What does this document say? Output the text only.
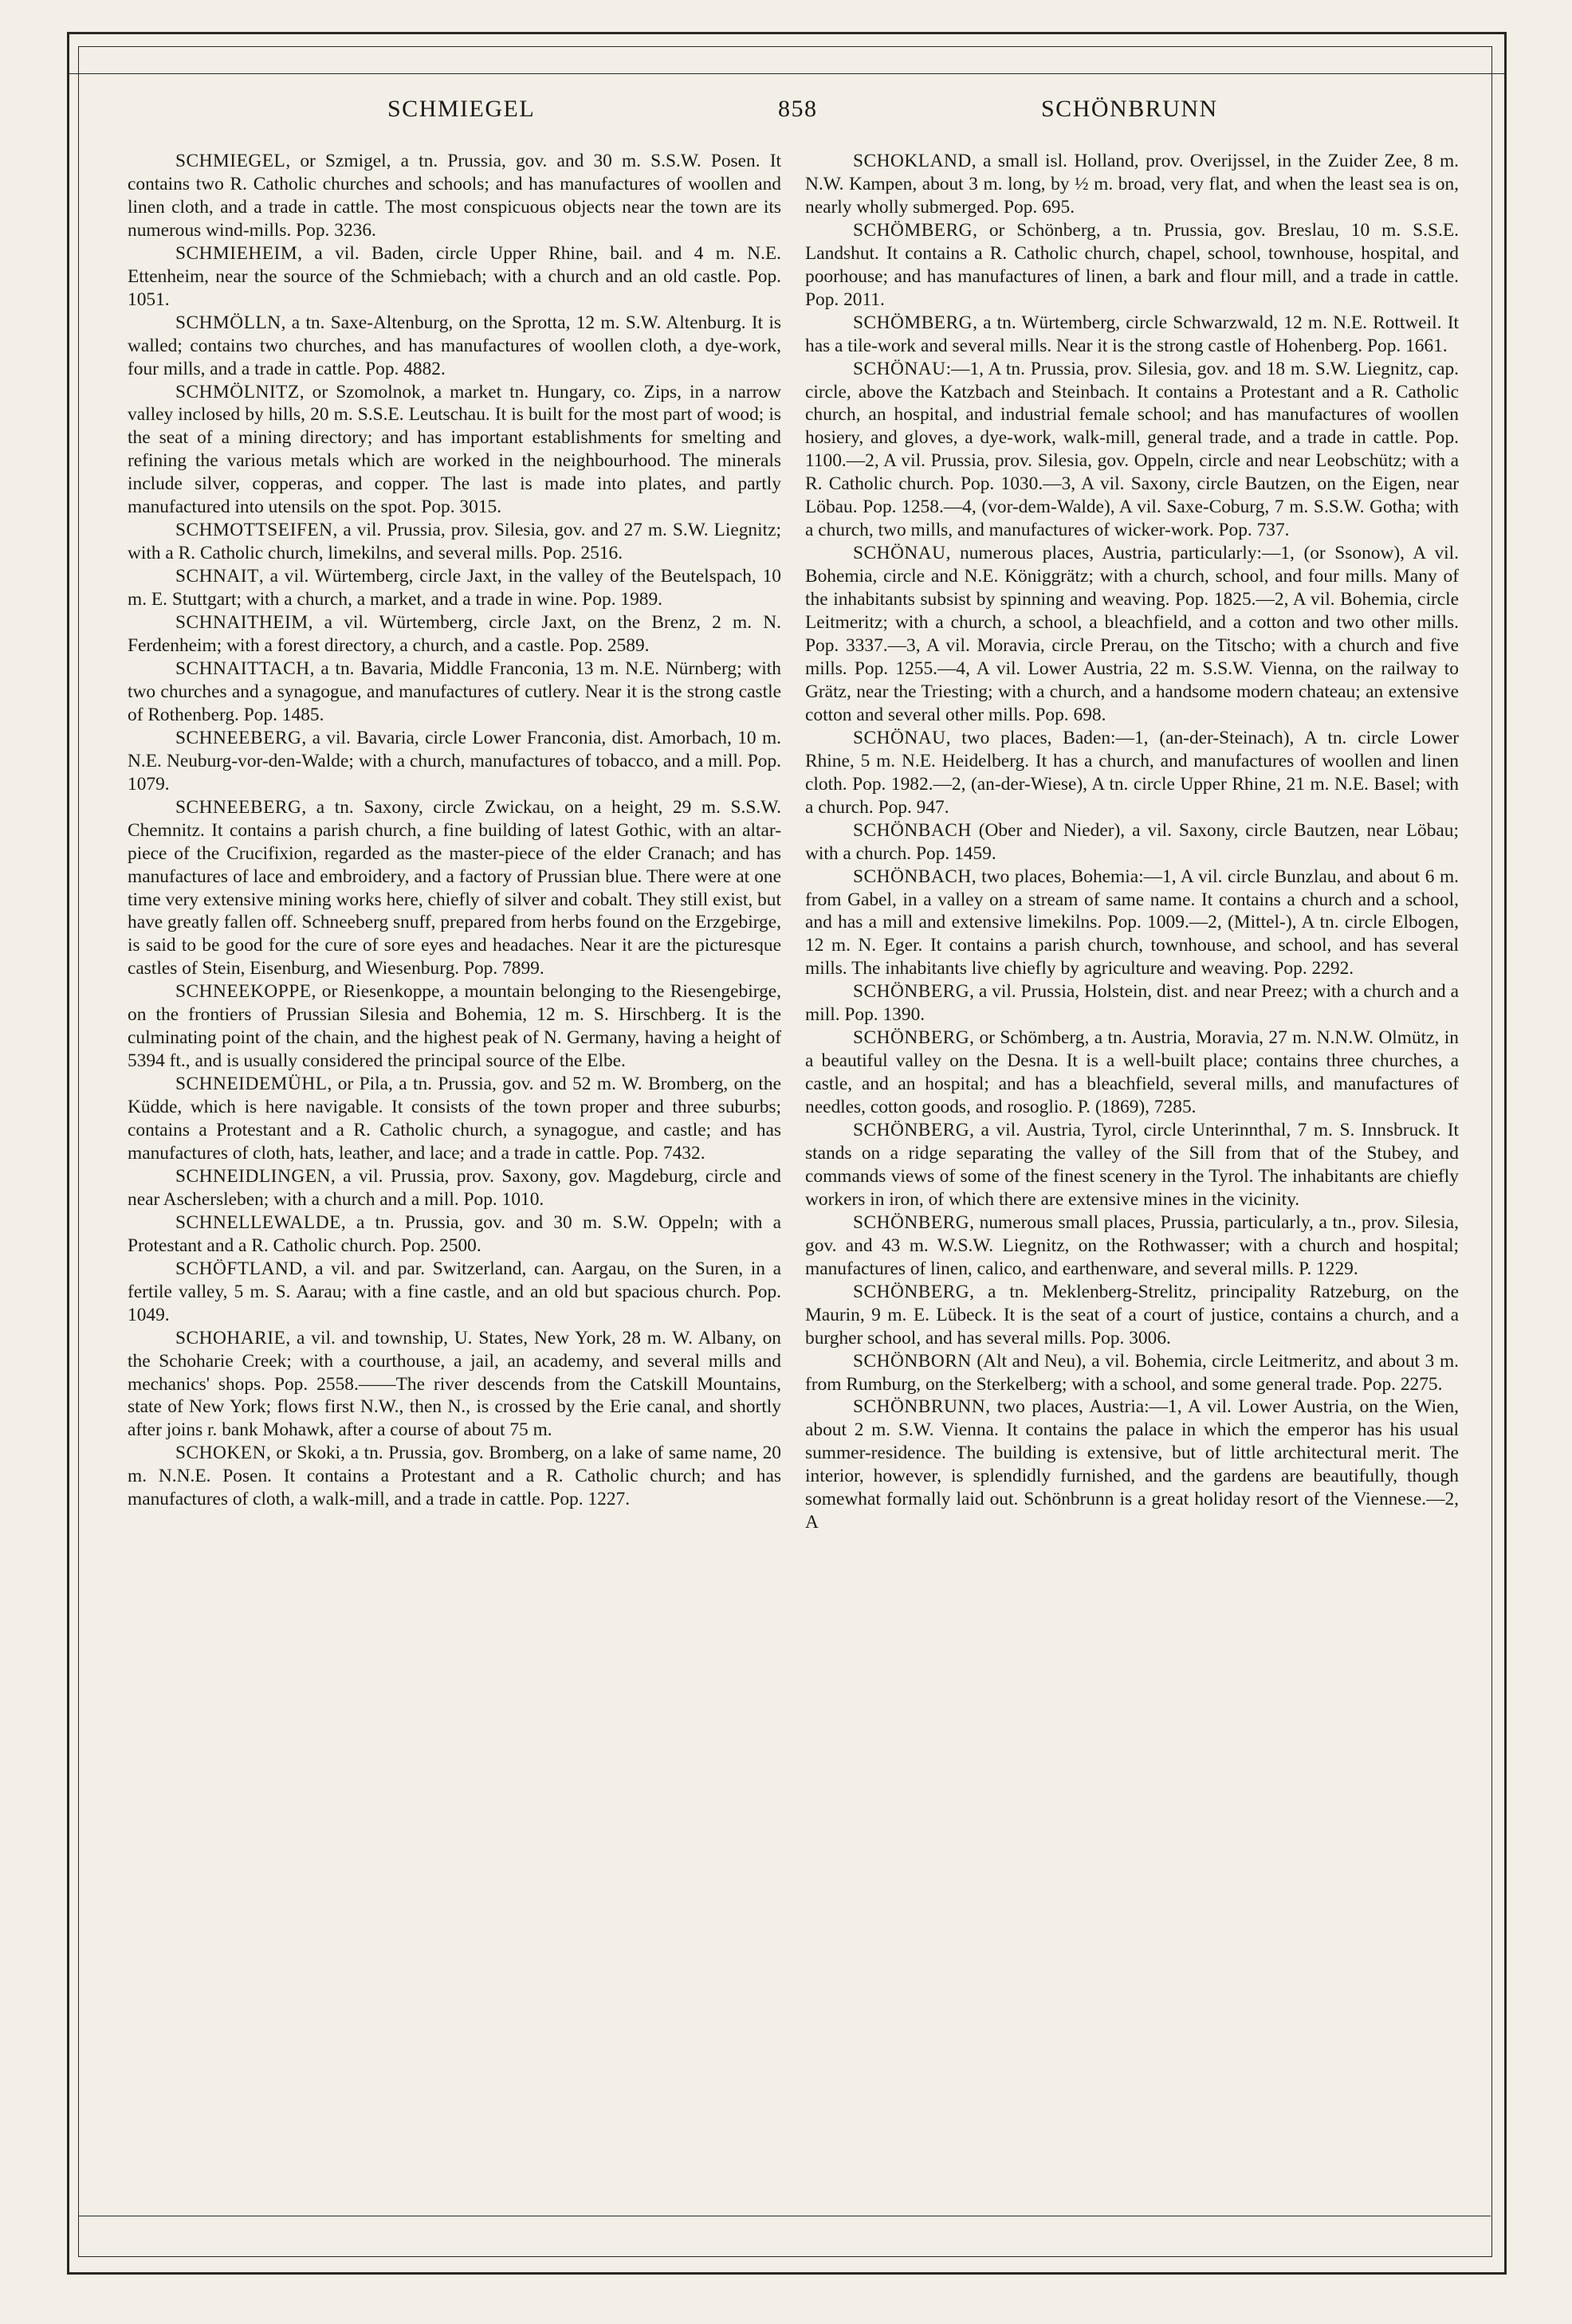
SCHMIEGEL	858	SCHÖNBRUNN

SCHMIEGEL, or Szmigel, a tn. Prussia, gov. and 30 m. S.S.W. Posen. It contains two R. Catholic churches and schools; and has manufactures of woollen and linen cloth, and a trade in cattle. The most conspicuous objects near the town are its numerous wind-mills. Pop. 3236.

SCHMIEHEIM, a vil. Baden, circle Upper Rhine, bail. and 4 m. N.E. Ettenheim, near the source of the Schmiebach; with a church and an old castle. Pop. 1051.

SCHMÖLLN, a tn. Saxe-Altenburg, on the Sprotta, 12 m. S.W. Altenburg. It is walled; contains two churches, and has manufactures of woollen cloth, a dye-work, four mills, and a trade in cattle. Pop. 4882.

SCHMÖLNITZ, or Szomolnok, a market tn. Hungary, co. Zips, in a narrow valley inclosed by hills, 20 m. S.S.E. Leutschau. It is built for the most part of wood; is the seat of a mining directory; and has important establishments for smelting and refining the various metals which are worked in the neighbourhood. The minerals include silver, copperas, and copper. The last is made into plates, and partly manufactured into utensils on the spot. Pop. 3015.

SCHMOTTSEIFEN, a vil. Prussia, prov. Silesia, gov. and 27 m. S.W. Liegnitz; with a R. Catholic church, limekilns, and several mills. Pop. 2516.

SCHNAIT, a vil. Würtemberg, circle Jaxt, in the valley of the Beutelspach, 10 m. E. Stuttgart; with a church, a market, and a trade in wine. Pop. 1989.

SCHNAITHEIM, a vil. Würtemberg, circle Jaxt, on the Brenz, 2 m. N. Ferdenheim; with a forest directory, a church, and a castle. Pop. 2589.

SCHNAITTACH, a tn. Bavaria, Middle Franconia, 13 m. N.E. Nürnberg; with two churches and a synagogue, and manufactures of cutlery. Near it is the strong castle of Rothenberg. Pop. 1485.

SCHNEEBERG, a vil. Bavaria, circle Lower Franconia, dist. Amorbach, 10 m. N.E. Neuburg-vor-den-Walde; with a church, manufactures of tobacco, and a mill. Pop. 1079.

SCHNEEBERG, a tn. Saxony, circle Zwickau, on a height, 29 m. S.S.W. Chemnitz. It contains a parish church, a fine building of latest Gothic, with an altar-piece of the Crucifixion, regarded as the master-piece of the elder Cranach; and has manufactures of lace and embroidery, and a factory of Prussian blue. There were at one time very extensive mining works here, chiefly of silver and cobalt. They still exist, but have greatly fallen off. Schneeberg snuff, prepared from herbs found on the Erzgebirge, is said to be good for the cure of sore eyes and headaches. Near it are the picturesque castles of Stein, Eisenburg, and Wiesenburg. Pop. 7899.

SCHNEEKOPPE, or Riesenkoppe, a mountain belonging to the Riesengebirge, on the frontiers of Prussian Silesia and Bohemia, 12 m. S. Hirschberg. It is the culminating point of the chain, and the highest peak of N. Germany, having a height of 5394 ft., and is usually considered the principal source of the Elbe.

SCHNEIDEMÜHL, or Pila, a tn. Prussia, gov. and 52 m. W. Bromberg, on the Küdde, which is here navigable. It consists of the town proper and three suburbs; contains a Protestant and a R. Catholic church, a synagogue, and castle; and has manufactures of cloth, hats, leather, and lace; and a trade in cattle. Pop. 7432.

SCHNEIDLINGEN, a vil. Prussia, prov. Saxony, gov. Magdeburg, circle and near Aschersleben; with a church and a mill. Pop. 1010.

SCHNELLEWALDE, a tn. Prussia, gov. and 30 m. S.W. Oppeln; with a Protestant and a R. Catholic church. Pop. 2500.

SCHÖFTLAND, a vil. and par. Switzerland, can. Aargau, on the Suren, in a fertile valley, 5 m. S. Aarau; with a fine castle, and an old but spacious church. Pop. 1049.

SCHOHARIE, a vil. and township, U. States, New York, 28 m. W. Albany, on the Schoharie Creek; with a courthouse, a jail, an academy, and several mills and mechanics' shops. Pop. 2558.——The river descends from the Catskill Mountains, state of New York; flows first N.W., then N., is crossed by the Erie canal, and shortly after joins r. bank Mohawk, after a course of about 75 m.

SCHOKEN, or Skoki, a tn. Prussia, gov. Bromberg, on a lake of same name, 20 m. N.N.E. Posen. It contains a Protestant and a R. Catholic church; and has manufactures of cloth, a walk-mill, and a trade in cattle. Pop. 1227.

SCHOKLAND, a small isl. Holland, prov. Overijssel, in the Zuider Zee, 8 m. N.W. Kampen, about 3 m. long, by ½ m. broad, very flat, and when the least sea is on, nearly wholly submerged. Pop. 695.

SCHÖMBERG, or Schönberg, a tn. Prussia, gov. Breslau, 10 m. S.S.E. Landshut. It contains a R. Catholic church, chapel, school, townhouse, hospital, and poorhouse; and has manufactures of linen, a bark and flour mill, and a trade in cattle. Pop. 2011.

SCHÖMBERG, a tn. Würtemberg, circle Schwarzwald, 12 m. N.E. Rottweil. It has a tile-work and several mills. Near it is the strong castle of Hohenberg. Pop. 1661.

SCHÖNAU:—1, A tn. Prussia, prov. Silesia, gov. and 18 m. S.W. Liegnitz, cap. circle, above the Katzbach and Steinbach. It contains a Protestant and a R. Catholic church, an hospital, and industrial female school; and has manufactures of woollen hosiery, and gloves, a dye-work, walk-mill, general trade, and a trade in cattle. Pop. 1100.—2, A vil. Prussia, prov. Silesia, gov. Oppeln, circle and near Leobschütz; with a R. Catholic church. Pop. 1030.—3, A vil. Saxony, circle Bautzen, on the Eigen, near Löbau. Pop. 1258.—4, (vor-dem-Walde), A vil. Saxe-Coburg, 7 m. S.S.W. Gotha; with a church, two mills, and manufactures of wicker-work. Pop. 737.

SCHÖNAU, numerous places, Austria, particularly:—1, (or Ssonow), A vil. Bohemia, circle and N.E. Königgrätz; with a church, school, and four mills. Many of the inhabitants subsist by spinning and weaving. Pop. 1825.—2, A vil. Bohemia, circle Leitmeritz; with a church, a school, a bleachfield, and a cotton and two other mills. Pop. 3337.—3, A vil. Moravia, circle Prerau, on the Titscho; with a church and five mills. Pop. 1255.—4, A vil. Lower Austria, 22 m. S.S.W. Vienna, on the railway to Grätz, near the Triesting; with a church, and a handsome modern chateau; an extensive cotton and several other mills. Pop. 698.

SCHÖNAU, two places, Baden:—1, (an-der-Steinach), A tn. circle Lower Rhine, 5 m. N.E. Heidelberg. It has a church, and manufactures of woollen and linen cloth. Pop. 1982.—2, (an-der-Wiese), A tn. circle Upper Rhine, 21 m. N.E. Basel; with a church. Pop. 947.

SCHÖNBACH (Ober and Nieder), a vil. Saxony, circle Bautzen, near Löbau; with a church. Pop. 1459.

SCHÖNBACH, two places, Bohemia:—1, A vil. circle Bunzlau, and about 6 m. from Gabel, in a valley on a stream of same name. It contains a church and a school, and has a mill and extensive limekilns. Pop. 1009.—2, (Mittel-), A tn. circle Elbogen, 12 m. N. Eger. It contains a parish church, townhouse, and school, and has several mills. The inhabitants live chiefly by agriculture and weaving. Pop. 2292.

SCHÖNBERG, a vil. Prussia, Holstein, dist. and near Preez; with a church and a mill. Pop. 1390.

SCHÖNBERG, or Schömberg, a tn. Austria, Moravia, 27 m. N.N.W. Olmütz, in a beautiful valley on the Desna. It is a well-built place; contains three churches, a castle, and an hospital; and has a bleachfield, several mills, and manufactures of needles, cotton goods, and rosoglio. P. (1869), 7285.

SCHÖNBERG, a vil. Austria, Tyrol, circle Unterinnthal, 7 m. S. Innsbruck. It stands on a ridge separating the valley of the Sill from that of the Stubey, and commands views of some of the finest scenery in the Tyrol. The inhabitants are chiefly workers in iron, of which there are extensive mines in the vicinity.

SCHÖNBERG, numerous small places, Prussia, particularly, a tn., prov. Silesia, gov. and 43 m. W.S.W. Liegnitz, on the Rothwasser; with a church and hospital; manufactures of linen, calico, and earthenware, and several mills. P. 1229.

SCHÖNBERG, a tn. Meklenberg-Strelitz, principality Ratzeburg, on the Maurin, 9 m. E. Lübeck. It is the seat of a court of justice, contains a church, and a burgher school, and has several mills. Pop. 3006.

SCHÖNBORN (Alt and Neu), a vil. Bohemia, circle Leitmeritz, and about 3 m. from Rumburg, on the Sterkelberg; with a school, and some general trade. Pop. 2275.

SCHÖNBRUNN, two places, Austria:—1, A vil. Lower Austria, on the Wien, about 2 m. S.W. Vienna. It contains the palace in which the emperor has his usual summer-residence. The building is extensive, but of little architectural merit. The interior, however, is splendidly furnished, and the gardens are beautifully, though somewhat formally laid out. Schönbrunn is a great holiday resort of the Viennese.—2, A
